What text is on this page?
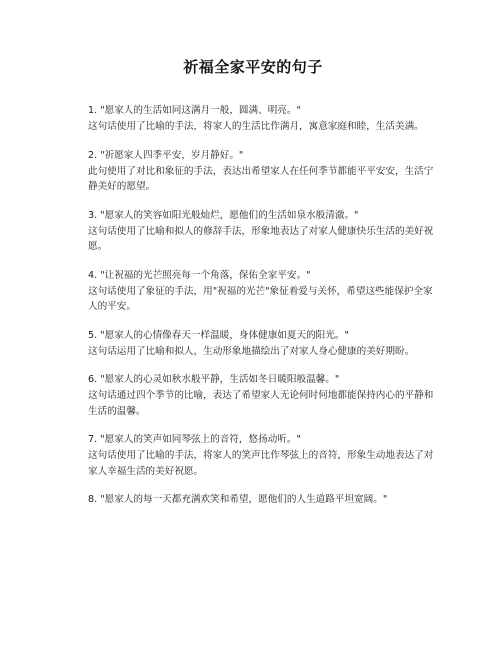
祈福全家平安的句子
1. "愿家人的生活如同这满月一般，圆满、明亮。"
这句话使用了比喻的手法，将家人的生活比作满月，寓意家庭和睦，生活美满。
2. "祈愿家人四季平安，岁月静好。"
此句使用了对比和象征的手法，表达出希望家人在任何季节都能平平安安，生活宁静美好的愿望。
3. "愿家人的笑容如阳光般灿烂，愿他们的生活如泉水般清澈。"
这句话使用了比喻和拟人的修辞手法，形象地表达了对家人健康快乐生活的美好祝愿。
4. "让祝福的光芒照亮每一个角落，保佑全家平安。"
这句话使用了象征的手法，用"祝福的光芒"象征着爱与关怀，希望这些能保护全家人的平安。
5. "愿家人的心情像春天一样温暖，身体健康如夏天的阳光。"
这句话运用了比喻和拟人，生动形象地描绘出了对家人身心健康的美好期盼。
6. "愿家人的心灵如秋水般平静，生活如冬日暖阳般温馨。"
这句话通过四个季节的比喻，表达了希望家人无论何时何地都能保持内心的平静和生活的温馨。
7. "愿家人的笑声如同琴弦上的音符，悠扬动听。"
这句话使用了比喻的手法，将家人的笑声比作琴弦上的音符，形象生动地表达了对家人幸福生活的美好祝愿。
8. "愿家人的每一天都充满欢笑和希望，愿他们的人生道路平坦宽阔。"
